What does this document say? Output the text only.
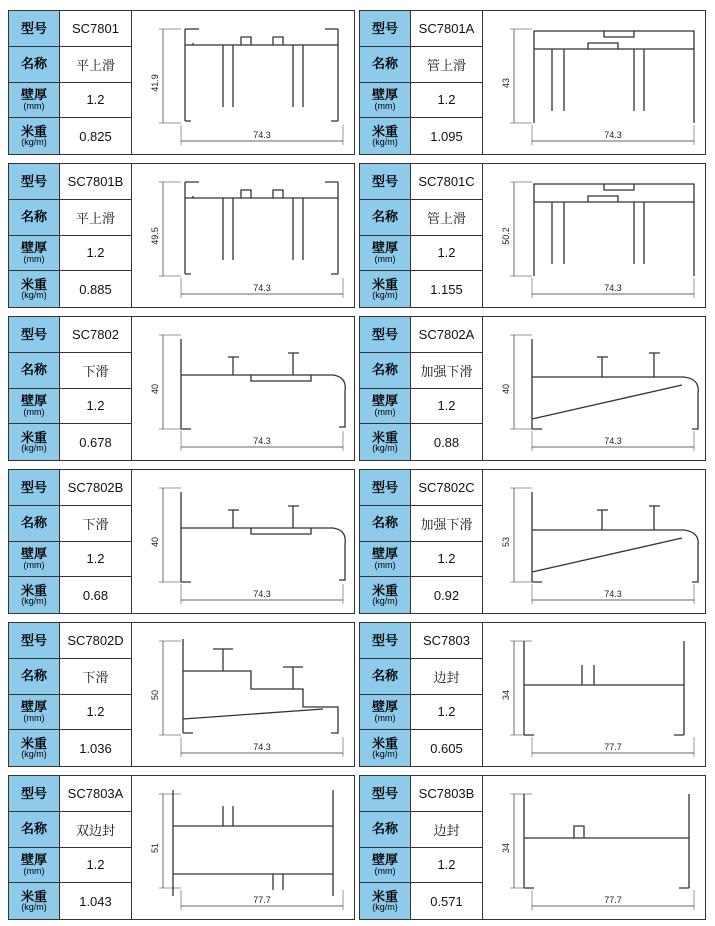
型号 SC7801
名称 平上滑
壁厚
(mm)	1.2
米重
(kg/m) 0.825
41.9
74.3
型号 SC7801A
名称 管上滑
壁厚
(mm)	1.2
米重
(kg/m) 1.095
43
74.3
型号 SC7801B
名称 平上滑
壁厚
(mm)	1.2
米重
(kg/m) 0.885
49.5
74.3
型号 SC7801C
名称 管上滑
壁厚
(mm)	1.2
米重
(kg/m) 1.155
50.2
74.3
型号 SC7802
名称	下滑
壁厚
(mm)	1.2
米重
(kg/m) 0.678
40
74.3
型号 SC7802A
名称 加强下滑
壁厚
(mm)	1.2
米重
(kg/m)	0.88
40
74.3
型号 SC7802B
名称	下滑
壁厚
(mm)	1.2
米重
(kg/m)	0.68
40
74.3
型号 SC7802C
名称 加强下滑
壁厚
(mm)	1.2
米重
(kg/m)	0.92
53
74.3
型号 SC7802D
名称	下滑
壁厚
(mm)	1.2
米重
(kg/m) 1.036
50
74.3
型号 SC7803
名称	边封
壁厚
(mm)	1.2
米重
(kg/m) 0.605
34
77.7
型号 SC7803A
名称 双边封
壁厚
(mm)	1.2
米重
(kg/m) 1.043
51
77.7
型号 SC7803B
名称	边封
壁厚
(mm)	1.2
米重
(kg/m) 0.571
34
77.7
